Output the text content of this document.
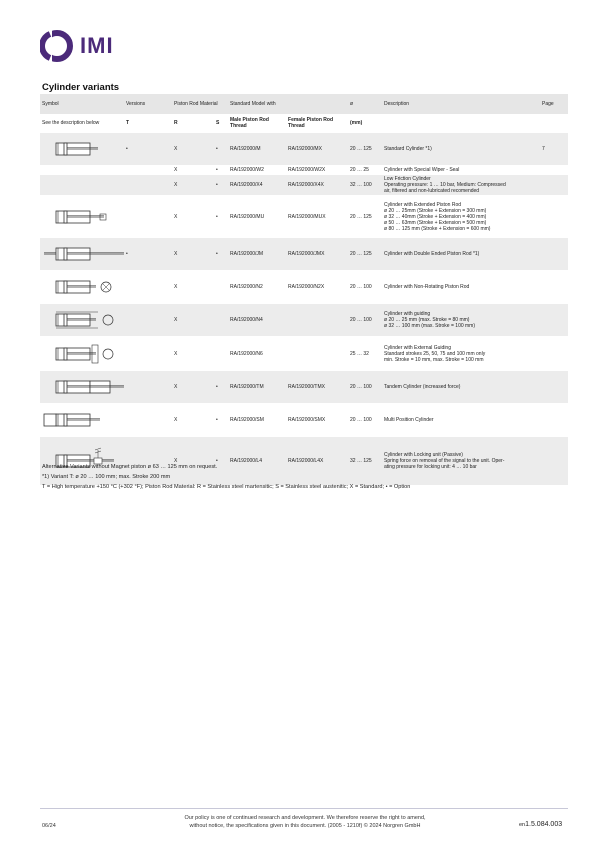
IMI
Cylinder variants
Symbol	Versions	Piston Rod Material		Standard Model with		ø	Description	Page
See the description below	T	R	S	Male Piston Rod Thread	Female Piston Rod Thread	(mm)		

	•	X	•	RA/192000/M	RA/192000/MX	20 … 125	Standard Cylinder *1)	7
		X	•	RA/192000/W2	RA/192000/W2X	20 … 25	Cylinder with Special Wiper - Seal	

		X	•	RA/192000/X4	RA/192000/X4X	32 … 100	Low Friction Cylinder
Operating pressure: 1 … 10 bar, Medium: Compressed
air, filtered and non-lubricated recomended	

		X	•	RA/192000/MU	RA/192000/MUX	20 … 125	Cylinder with Extended Piston Rod
ø 20 … 25mm (Stroke + Extension = 300 mm)
ø 32 … 40mm (Stroke + Extension = 400 mm)
ø 50 … 63mm (Stroke + Extension = 500 mm)
ø 80 … 125 mm (Stroke + Extension = 600 mm)	

	•	X	•	RA/192000/JM	RA/192000/JMX	20 … 125	Cylinder with Double Ended Piston Rod *1)	

		X		RA/192000/N2	RA/192000/N2X	20 … 100	Cylinder with Non-Rotating Piston Rod	

		X		RA/192000/N4		20 … 100	Cylinder with guiding
ø 20 … 25 mm (max. Stroke = 80 mm)
ø 32 … 100 mm (max. Stroke = 100 mm)	

		X		RA/192000/N6		25 … 32	Cylinder with External Guiding
Standard strokes 25, 50, 75 and 100 mm only
min. Stroke = 10 mm, max. Stroke = 100 mm	

		X	•	RA/192000/TM	RA/192000/TMX	20 … 100	Tandem Cylinder (increased force)	

		X	•	RA/192000/SM	RA/192000/SMX	20 … 100	Multi Position Cylinder	

		X	•	RA/192000/L4	RA/192000/L4X	32 … 125	Cylinder with Locking unit (Passive)
Spring force on removal of the signal to the unit. Oper-
ating pressure for locking unit: 4 … 10 bar	

Alternative Variants without Magnet piston ø 63 … 125 mm on request.
*1) Variant T: ø 20 … 100 mm; max. Stroke 200 mm
T = High temperature +150 °C (+302 °F); Piston Rod Material: R = Stainless steel martensitic; S = Stainless steel austenitic; X = Standard; • = Option
06/24
Our policy is one of continued research and development. We therefore reserve the right to amend,
without notice, the specifications given in this document. (2005 - 1210f) © 2024 Norgren GmbH	en1.5.084.003
